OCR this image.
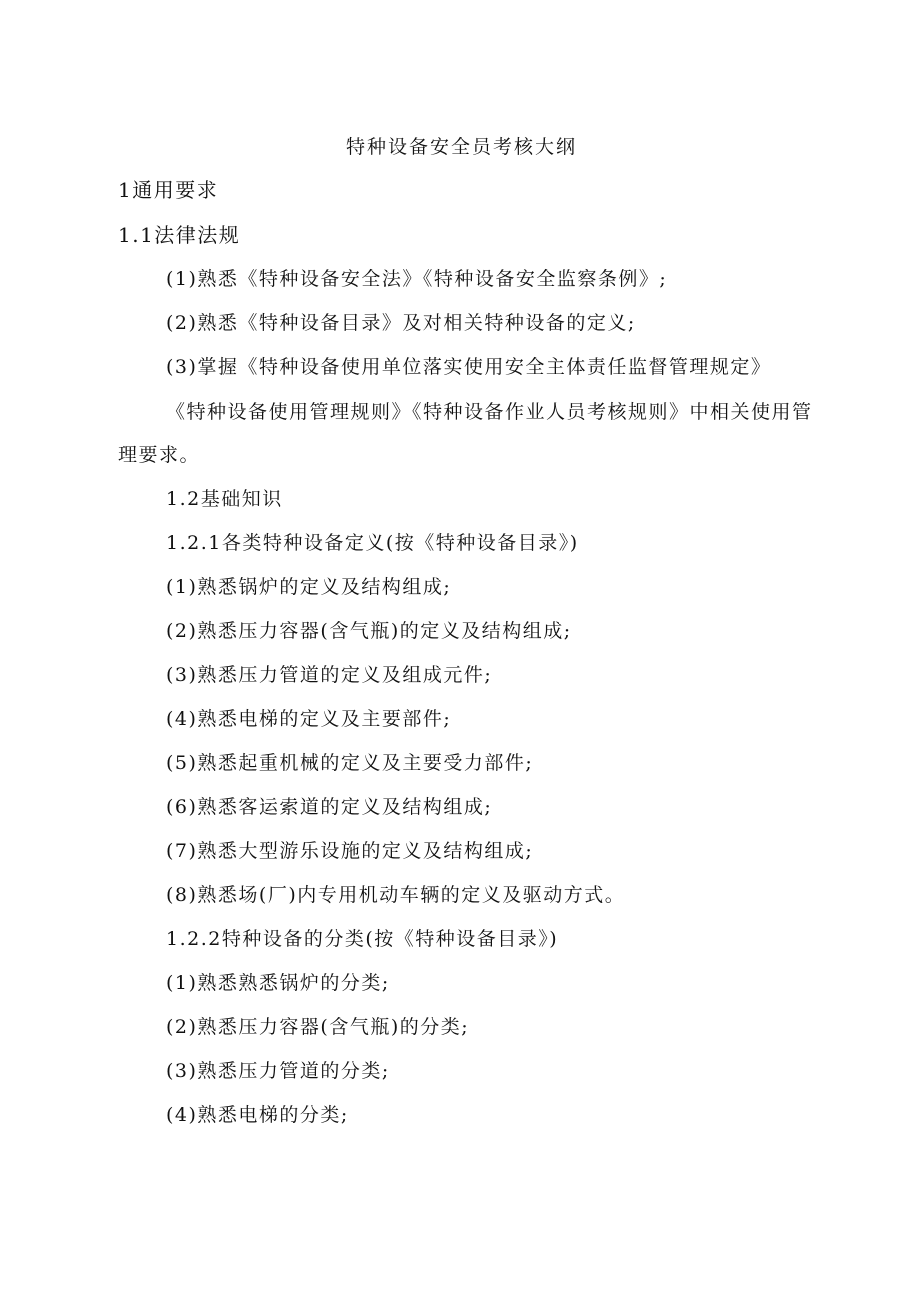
特种设备安全员考核大纲
1通用要求
1.1法律法规
(1)熟悉《特种设备安全法》《特种设备安全监察条例》;
(2)熟悉《特种设备目录》及对相关特种设备的定义;
(3)掌握《特种设备使用单位落实使用安全主体责任监督管理规定》
《特种设备使用管理规则》《特种设备作业人员考核规则》中相关使用管
理要求。
1.2基础知识
1.2.1各类特种设备定义(按《特种设备目录》)
(1)熟悉锅炉的定义及结构组成;
(2)熟悉压力容器(含气瓶)的定义及结构组成;
(3)熟悉压力管道的定义及组成元件;
(4)熟悉电梯的定义及主要部件;
(5)熟悉起重机械的定义及主要受力部件;
(6)熟悉客运索道的定义及结构组成;
(7)熟悉大型游乐设施的定义及结构组成;
(8)熟悉场(厂)内专用机动车辆的定义及驱动方式。
1.2.2特种设备的分类(按《特种设备目录》)
(1)熟悉熟悉锅炉的分类;
(2)熟悉压力容器(含气瓶)的分类;
(3)熟悉压力管道的分类;
(4)熟悉电梯的分类;
